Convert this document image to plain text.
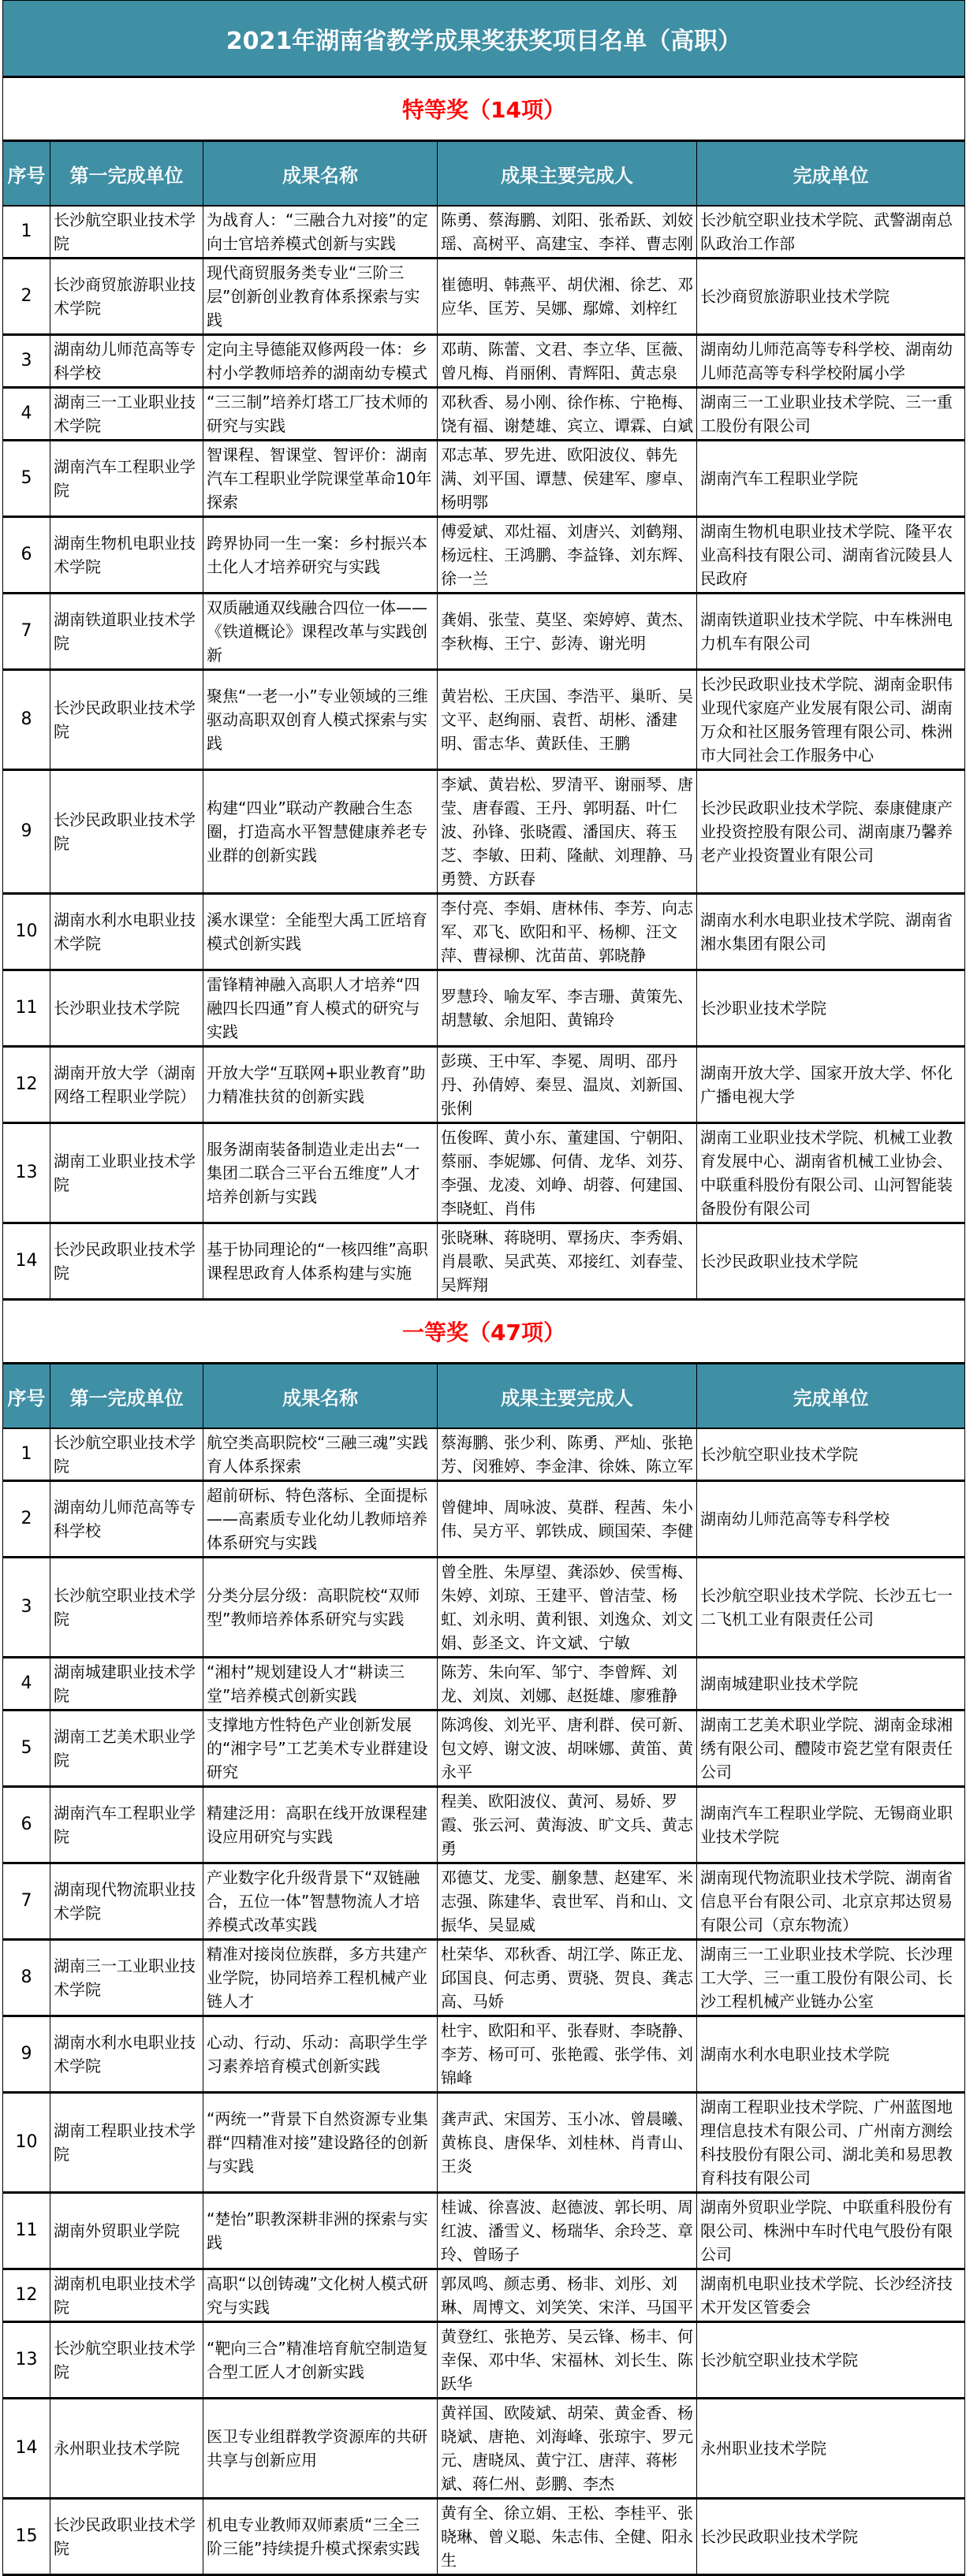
2021年湖南省教学成果奖获奖项目名单（高职）				
特等奖（14项）				
序号	第一完成单位	成果名称	成果主要完成人	完成单位
1	长沙航空职业技术学院	为战育人：“三融合九对接”的定向士官培养模式创新与实践	陈勇、蔡海鹏、刘阳、张希跃、刘姣瑶、高树平、高建宝、李祥、曹志刚	长沙航空职业技术学院、武警湖南总队政治工作部
2	长沙商贸旅游职业技术学院	现代商贸服务类专业“三阶三层”创新创业教育体系探索与实践	崔德明、韩燕平、胡伏湘、徐艺、邓应华、匡芳、吴娜、鄢嫦、刘梓红	长沙商贸旅游职业技术学院
3	湖南幼儿师范高等专科学校	定向主导德能双修两段一体：乡村小学教师培养的湖南幼专模式	邓萌、陈蕾、文君、李立华、匡薇、曾凡梅、肖丽俐、青辉阳、黄志泉	湖南幼儿师范高等专科学校、湖南幼儿师范高等专科学校附属小学
4	湖南三一工业职业技术学院	“三三制”培养灯塔工厂技术师的研究与实践	邓秋香、易小刚、徐作栋、宁艳梅、饶有福、谢楚雄、宾立、谭霖、白斌	湖南三一工业职业技术学院、三一重工股份有限公司
5	湖南汽车工程职业学院	智课程、智课堂、智评价：湖南汽车工程职业学院课堂革命10年探索	邓志革、罗先进、欧阳波仪、韩先满、刘平国、谭慧、侯建军、廖卓、杨明鄂	湖南汽车工程职业学院
6	湖南生物机电职业技术学院	跨界协同一生一案：乡村振兴本土化人才培养研究与实践	傅爱斌、邓灶福、刘唐兴、刘鹤翔、杨远柱、王鸿鹏、李益锋、刘东辉、徐一兰	湖南生物机电职业技术学院、隆平农业高科技有限公司、湖南省沅陵县人民政府
7	湖南铁道职业技术学院	双质融通双线融合四位一体——《铁道概论》课程改革与实践创新	龚娟、张莹、莫坚、栾婷婷、黄杰、李秋梅、王宁、彭涛、谢光明	湖南铁道职业技术学院、中车株洲电力机车有限公司
8	长沙民政职业技术学院	聚焦“一老一小”专业领域的三维驱动高职双创育人模式探索与实践	黄岩松、王庆国、李浩平、巢昕、吴文平、赵绚丽、袁哲、胡彬、潘建明、雷志华、黄跃佳、王鹏	长沙民政职业技术学院、湖南金职伟业现代家庭产业发展有限公司、湖南万众和社区服务管理有限公司、株洲市大同社会工作服务中心
9	长沙民政职业技术学院	构建“四业”联动产教融合生态圈，打造高水平智慧健康养老专业群的创新实践	李斌、黄岩松、罗清平、谢丽琴、唐莹、唐春霞、王丹、郭明磊、叶仁波、孙锋、张晓霞、潘国庆、蒋玉芝、李敏、田莉、隆献、刘理静、马勇赞、方跃春	长沙民政职业技术学院、泰康健康产业投资控股有限公司、湖南康乃馨养老产业投资置业有限公司
10	湖南水利水电职业技术学院	溪水课堂：全能型大禹工匠培育模式创新实践	李付亮、李娟、唐林伟、李芳、向志军、邓飞、欧阳和平、杨柳、汪文萍、曹禄柳、沈苗苗、郭晓静	湖南水利水电职业技术学院、湖南省湘水集团有限公司
11	长沙职业技术学院	雷锋精神融入高职人才培养“四融四长四通”育人模式的研究与实践	罗慧玲、喻友军、李吉珊、黄策先、胡慧敏、余旭阳、黄锦玲	长沙职业技术学院
12	湖南开放大学（湖南网络工程职业学院）	开放大学“互联网+职业教育”助力精准扶贫的创新实践	彭瑛、王中军、李冕、周明、邵丹丹、孙倩婷、秦昱、温岚、刘新国、张俐	湖南开放大学、国家开放大学、怀化广播电视大学
13	湖南工业职业技术学院	服务湖南装备制造业走出去“一集团二联合三平台五维度”人才培养创新与实践	伍俊晖、黄小东、董建国、宁朝阳、蔡丽、李妮娜、何倩、龙华、刘芬、李强、龙凌、刘峥、胡蓉、何建国、李晓虹、肖伟	湖南工业职业技术学院、机械工业教育发展中心、湖南省机械工业协会、中联重科股份有限公司、山河智能装备股份有限公司
14	长沙民政职业技术学院	基于协同理论的“一核四维”高职课程思政育人体系构建与实施	张晓琳、蒋晓明、覃扬庆、李秀娟、肖晨歌、吴武英、邓接红、刘春莹、吴辉翔	长沙民政职业技术学院
一等奖（47项）				
序号	第一完成单位	成果名称	成果主要完成人	完成单位
1	长沙航空职业技术学院	航空类高职院校“三融三魂”实践育人体系探索	蔡海鹏、张少利、陈勇、严灿、张艳芳、闵雅婷、李金津、徐姝、陈立军	长沙航空职业技术学院
2	湖南幼儿师范高等专科学校	超前研标、特色落标、全面提标——高素质专业化幼儿教师培养体系研究与实践	曾健坤、周咏波、莫群、程茜、朱小伟、吴方平、郭铁成、顾国荣、李健	湖南幼儿师范高等专科学校
3	长沙航空职业技术学院	分类分层分级：高职院校“双师型”教师培养体系研究与实践	曾全胜、朱厚望、龚添妙、侯雪梅、朱婷、刘琼、王建平、曾洁莹、杨虹、刘永明、黄利银、刘逸众、刘文娟、彭圣文、许文斌、宁敏	长沙航空职业技术学院、长沙五七一二飞机工业有限责任公司
4	湖南城建职业技术学院	“湘村”规划建设人才“耕读三堂”培养模式创新实践	陈芳、朱向军、邹宁、李曾辉、刘龙、刘岚、刘娜、赵挺雄、廖雅静	湖南城建职业技术学院
5	湖南工艺美术职业学院	支撑地方性特色产业创新发展的“湘字号”工艺美术专业群建设研究	陈鸿俊、刘光平、唐利群、侯可新、包文婷、谢文波、胡咪娜、黄笛、黄永平	湖南工艺美术职业学院、湖南金球湘绣有限公司、醴陵市瓷艺堂有限责任公司
6	湖南汽车工程职业学院	精建泛用：高职在线开放课程建设应用研究与实践	程美、欧阳波仪、黄河、易娇、罗霞、张云河、黄海波、旷文兵、黄志勇	湖南汽车工程职业学院、无锡商业职业技术学院
7	湖南现代物流职业技术学院	产业数字化升级背景下“双链融合，五位一体”智慧物流人才培养模式改革实践	邓德艾、龙雯、蒯象慧、赵建军、米志强、陈建华、袁世军、肖和山、文振华、吴显威	湖南现代物流职业技术学院、湖南省信息平台有限公司、北京京邦达贸易有限公司（京东物流）
8	湖南三一工业职业技术学院	精准对接岗位族群，多方共建产业学院，协同培养工程机械产业链人才	杜荣华、邓秋香、胡江学、陈正龙、邱国良、何志勇、贾骁、贺良、龚志高、马娇	湖南三一工业职业技术学院、长沙理工大学、三一重工股份有限公司、长沙工程机械产业链办公室
9	湖南水利水电职业技术学院	心动、行动、乐动：高职学生学习素养培育模式创新实践	杜宇、欧阳和平、张春财、李晓静、李芳、杨可可、张艳霞、张学伟、刘锦峰	湖南水利水电职业技术学院
10	湖南工程职业技术学院	“两统一”背景下自然资源专业集群“四精准对接”建设路径的创新与实践	龚声武、宋国芳、玉小冰、曾晨曦、黄栋良、唐保华、刘桂林、肖青山、王炎	湖南工程职业技术学院、广州蓝图地理信息技术有限公司、广州南方测绘科技股份有限公司、湖北美和易思教育科技有限公司
11	湖南外贸职业学院	“楚怡”职教深耕非洲的探索与实践	桂诚、徐喜波、赵德波、郭长明、周红波、潘雪义、杨瑞华、余玲芝、章玲、曾旸子	湖南外贸职业学院、中联重科股份有限公司、株洲中车时代电气股份有限公司
12	湖南机电职业技术学院	高职“以创铸魂”文化树人模式研究与实践	郭凤鸣、颜志勇、杨非、刘彤、刘琳、周博文、刘笑笑、宋洋、马国平	湖南机电职业技术学院、长沙经济技术开发区管委会
13	长沙航空职业技术学院	“靶向三合”精准培育航空制造复合型工匠人才创新实践	黄登红、张艳芳、吴云锋、杨丰、何幸保、邓中华、宋福林、刘长生、陈跃华	长沙航空职业技术学院
14	永州职业技术学院	医卫专业组群教学资源库的共研共享与创新应用	黄祥国、欧陵斌、胡荣、黄金香、杨晓斌、唐艳、刘海峰、张琼宇、罗元元、唐晓凤、黄宁江、唐萍、蒋彬斌、蒋仁州、彭鹏、李杰	永州职业技术学院
15	长沙民政职业技术学院	机电专业教师双师素质“三全三阶三能”持续提升模式探索实践	黄有全、徐立娟、王松、李桂平、张晓琳、曾义聪、朱志伟、全健、阳永生	长沙民政职业技术学院
